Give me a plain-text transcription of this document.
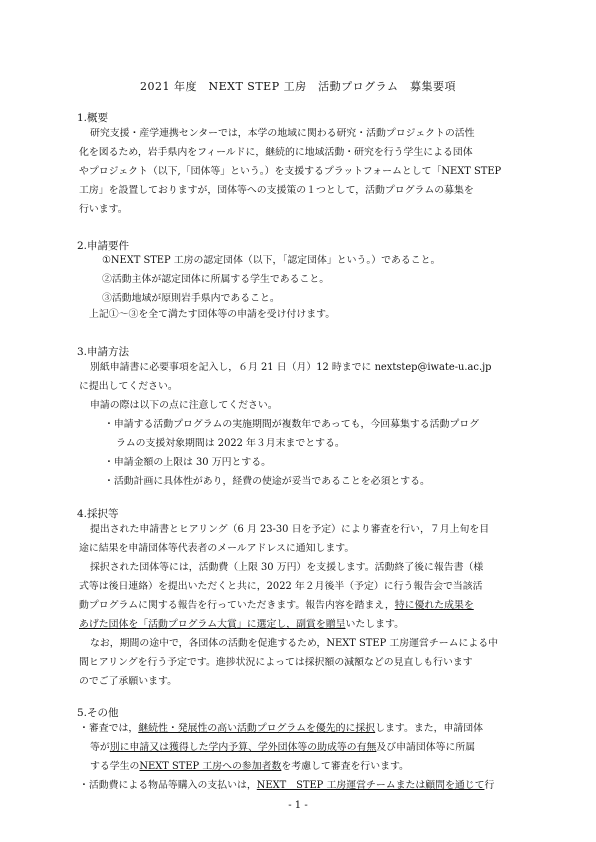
2021 年度　NEXT STEP 工房　活動プログラム　募集要項
1.概要
研究支援・産学連携センターでは，本学の地域に関わる研究・活動プロジェクトの活性
化を図るため，岩手県内をフィールドに，継続的に地域活動・研究を行う学生による団体
やプロジェクト（以下,「団体等」という。）を支援するプラットフォームとして「NEXT STEP
工房」を設置しておりますが，団体等への支援策の１つとして，活動プログラムの募集を
行います。
2.申請要件
①NEXT STEP 工房の認定団体（以下，「認定団体」という。）であること。
②活動主体が認定団体に所属する学生であること。
③活動地域が原則岩手県内であること。
上記①～③を全て満たす団体等の申請を受け付けます。
3.申請方法
別紙申請書に必要事項を記入し，６月 21 日（月）12 時までに nextstep@iwate-u.ac.jp
に提出してください。
申請の際は以下の点に注意してください。
・申請する活動プログラムの実施期間が複数年であっても，今回募集する活動プログ
ラムの支援対象期間は 2022 年３月末までとする。
・申請金額の上限は 30 万円とする。
・活動計画に具体性があり，経費の使途が妥当であることを必須とする。
4.採択等
提出された申請書とヒアリング（6 月 23-30 日を予定）により審査を行い，７月上旬を目
途に結果を申請団体等代表者のメールアドレスに通知します。
採択された団体等には，活動費（上限 30 万円）を支援します。活動終了後に報告書（様
式等は後日連絡）を提出いただくと共に，2022 年２月後半（予定）に行う報告会で当該活
動プログラムに関する報告を行っていただきます。報告内容を踏まえ，特に優れた成果を
あげた団体を「活動プログラム大賞」に選定し，副賞を贈呈いたします。
なお，期間の途中で，各団体の活動を促進するため，NEXT STEP 工房運営チームによる中
間ヒアリングを行う予定です。進捗状況によっては採択額の減額などの見直しも行います
のでご了承願います。
5.その他
・審査では，継続性・発展性の高い活動プログラムを優先的に採択します。また，申請団体
等が別に申請又は獲得した学内予算、学外団体等の助成等の有無及び申請団体等に所属
する学生のNEXT STEP 工房への参加者数を考慮して審査を行います。
・活動費による物品等購入の支払いは，NEXT　STEP 工房運営チームまたは顧問を通じて行
- 1 -
